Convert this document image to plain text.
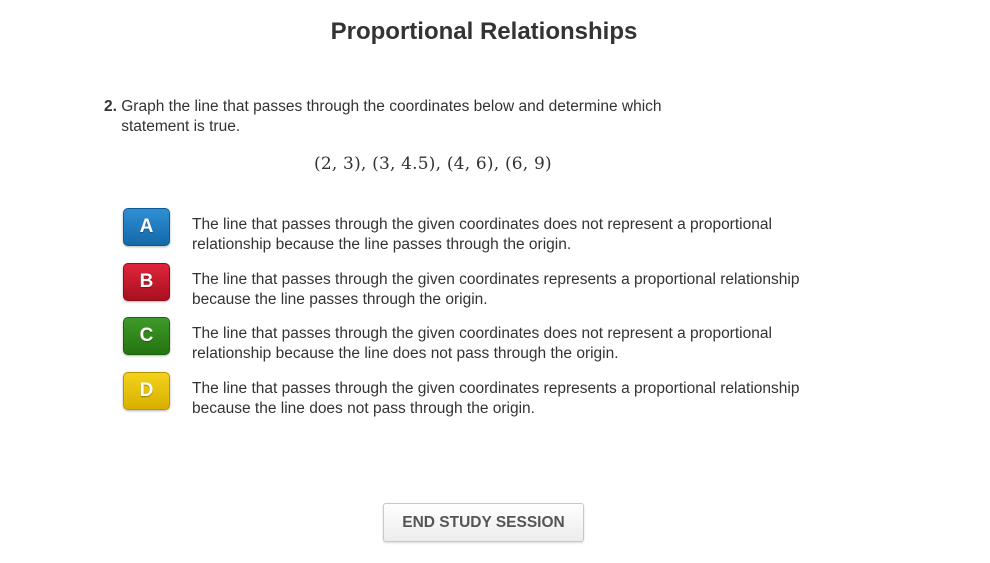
Proportional Relationships
2. Graph the line that passes through the coordinates below and determine which statement is true.
(2, 3), (3, 4.5), (4, 6), (6, 9)
A	The line that passes through the given coordinates does not represent a proportional relationship because the line passes through the origin.
B	The line that passes through the given coordinates represents a proportional relationship because the line passes through the origin.
C	The line that passes through the given coordinates does not represent a proportional relationship because the line does not pass through the origin.
D	The line that passes through the given coordinates represents a proportional relationship because the line does not pass through the origin.
END STUDY SESSION
